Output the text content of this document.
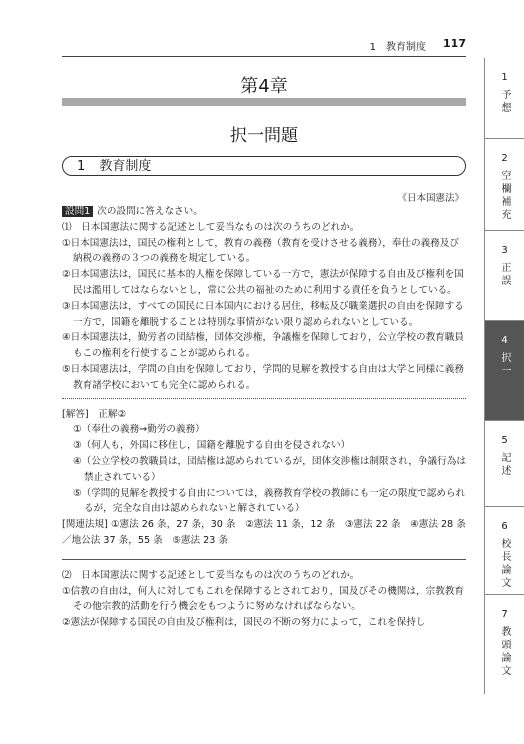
1　教育制度 117
第4章
択一問題
1 教育制度
《日本国憲法》

設問1 次の設問に答えなさい。

⑴　日本国憲法に関する記述として妥当なものは次のうちのどれか。

①日本国憲法は，国民の権利として，教育の義務（教育を受けさせる義務），奉仕の義務及び納税の義務の３つの義務を規定している。

②日本国憲法は，国民に基本的人権を保障している一方で，憲法が保障する自由及び権利を国民は濫用してはならないとし，常に公共の福祉のために利用する責任を負うとしている。

③日本国憲法は，すべての国民に日本国内における居住，移転及び職業選択の自由を保障する一方で，国籍を離脱することは特別な事情がない限り認められないとしている。

④日本国憲法は，勤労者の団結権，団体交渉権，争議権を保障しており，公立学校の教育職員もこの権利を行使することが認められる。

⑤日本国憲法は，学問の自由を保障しており，学問的見解を教授する自由は大学と同様に義務教育諸学校においても完全に認められる。

[解答]　 正解②

①（奉仕の義務→勤労の義務）

③（何人も，外国に移住し，国籍を離脱する自由を侵されない）

④（公立学校の教職員は，団結権は認められているが，団体交渉権は制限され，争議行為は禁止されている）

⑤（学問的見解を教授する自由については，義務教育学校の教師にも一定の限度で認められるが，完全な自由は認められないと解されている）

[関連法規] ①憲法 26 条，27 条，30 条　②憲法 11 条，12 条　③憲法 22 条　④憲法 28 条／地公法 37 条，55 条　⑤憲法 23 条

⑵　日本国憲法に関する記述として妥当なものは次のうちのどれか。

①信教の自由は，何人に対してもこれを保障するとされており，国及びその機関は，宗教教育その他宗教的活動を行う機会をもつように努めなければならない。

②憲法が保障する国民の自由及び権利は，国民の不断の努力によって，これを保持し

1
予想
2
空欄補充
3
正誤
4
択一
5
記述
6
校長論文
7
教頭論文
